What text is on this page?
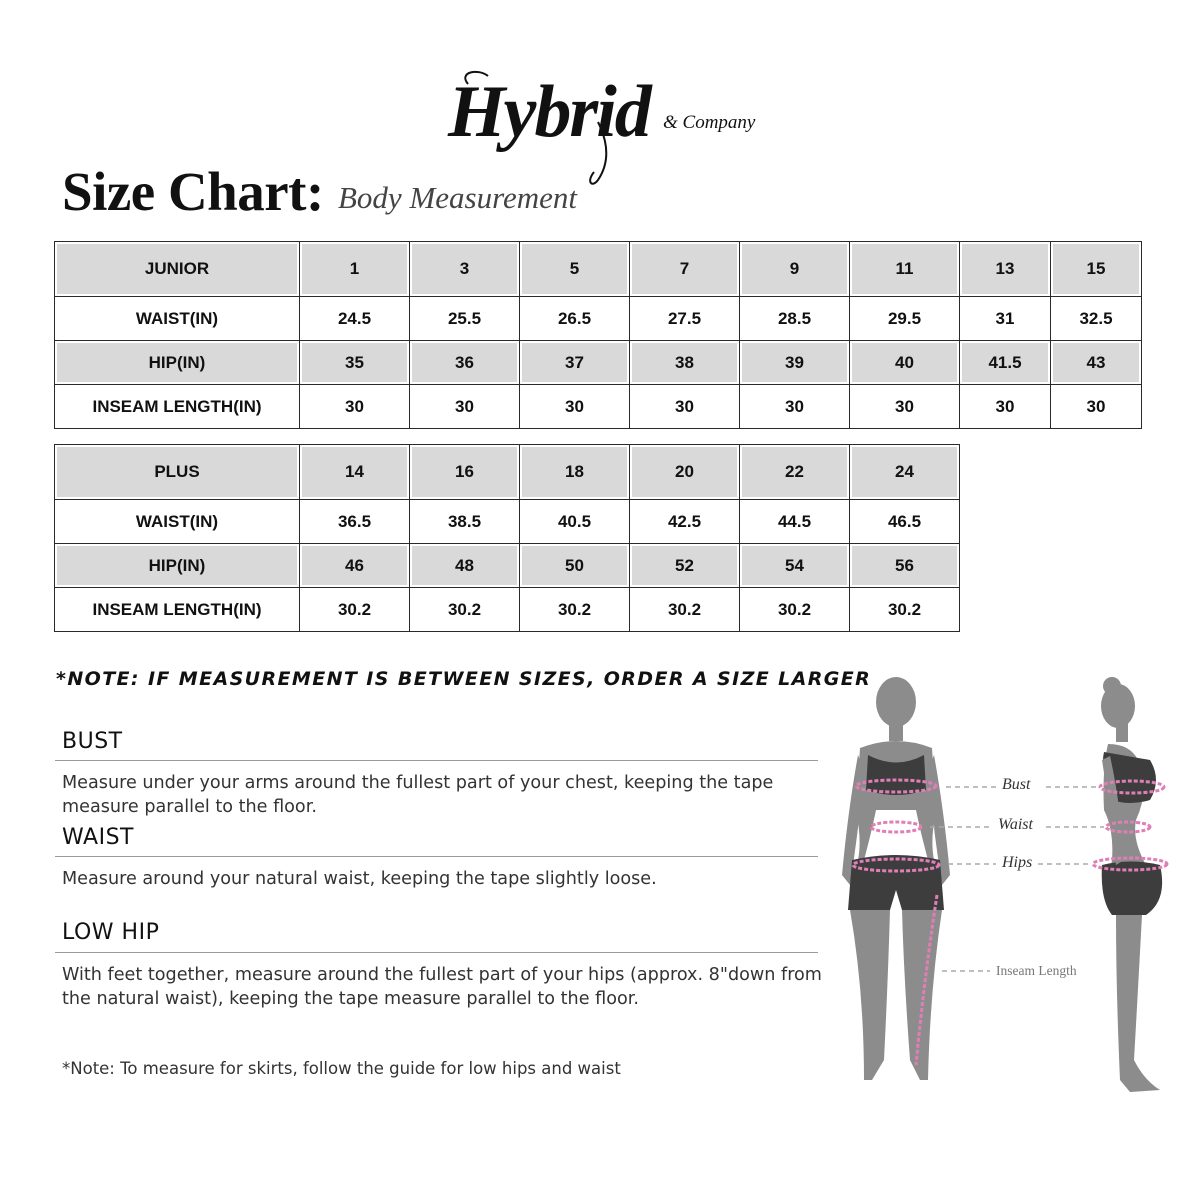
Hybrid & Company
Size Chart: Body Measurement
JUNIOR	1	3	5	7	9	11	13	15
WAIST(IN)	24.5	25.5	26.5	27.5	28.5	29.5	31	32.5
HIP(IN)	35	36	37	38	39	40	41.5	43
INSEAM LENGTH(IN)	30	30	30	30	30	30	30	30
PLUS	14	16	18	20	22	24
WAIST(IN)	36.5	38.5	40.5	42.5	44.5	46.5
HIP(IN)	46	48	50	52	54	56
INSEAM LENGTH(IN)	30.2	30.2	30.2	30.2	30.2	30.2
*NOTE: IF MEASUREMENT IS BETWEEN SIZES, ORDER A SIZE LARGER
BUST
Measure under your arms around the fullest part of your chest, keeping the tape measure parallel to the floor.
WAIST
Measure around your natural waist, keeping the tape slightly loose.
LOW HIP
With feet together, measure around the fullest part of your hips (approx. 8"down from the natural waist), keeping the tape measure parallel to the floor.
*Note: To measure for skirts, follow the guide for low hips and waist
Bust
Waist
Hips
Inseam Length
